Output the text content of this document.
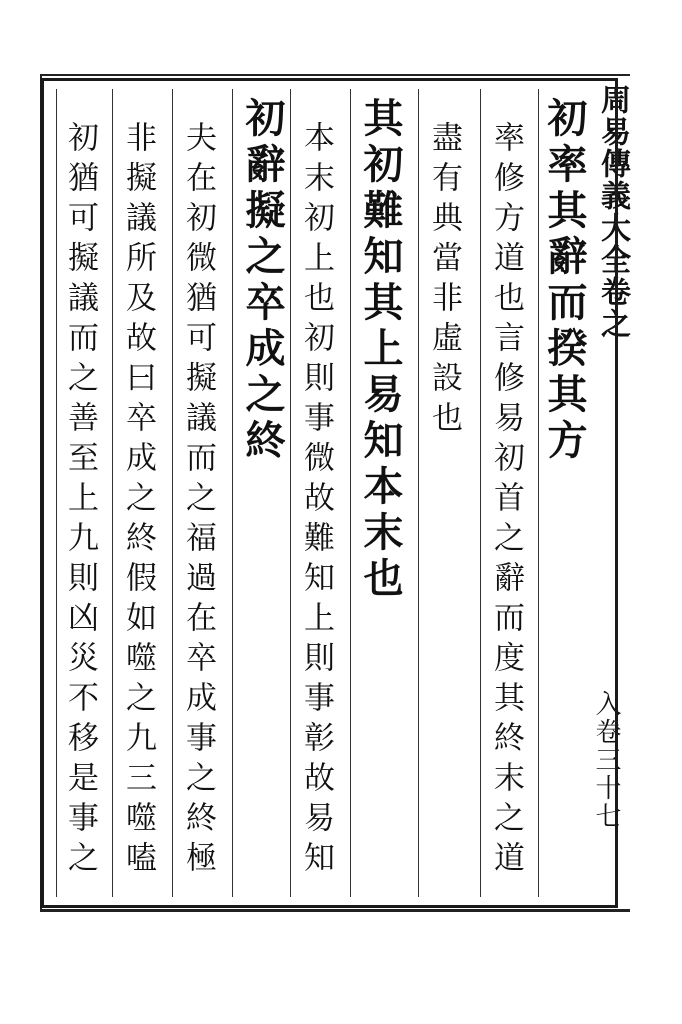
周易傳義大全卷之
入卷三十七
初率其辭而揆其方
率修方道也言修易初首之辭而度其終末之道
盡有典當非虛設也
其初難知其上易知本末也
本末初上也初則事微故難知上則事彰故易知
初辭擬之卒成之終
夫在初微猶可擬議而之福過在卒成事之終極
非擬議所及故曰卒成之終假如噬之九三噬嗑
初猶可擬議而之善至上九則凶災不移是事之
